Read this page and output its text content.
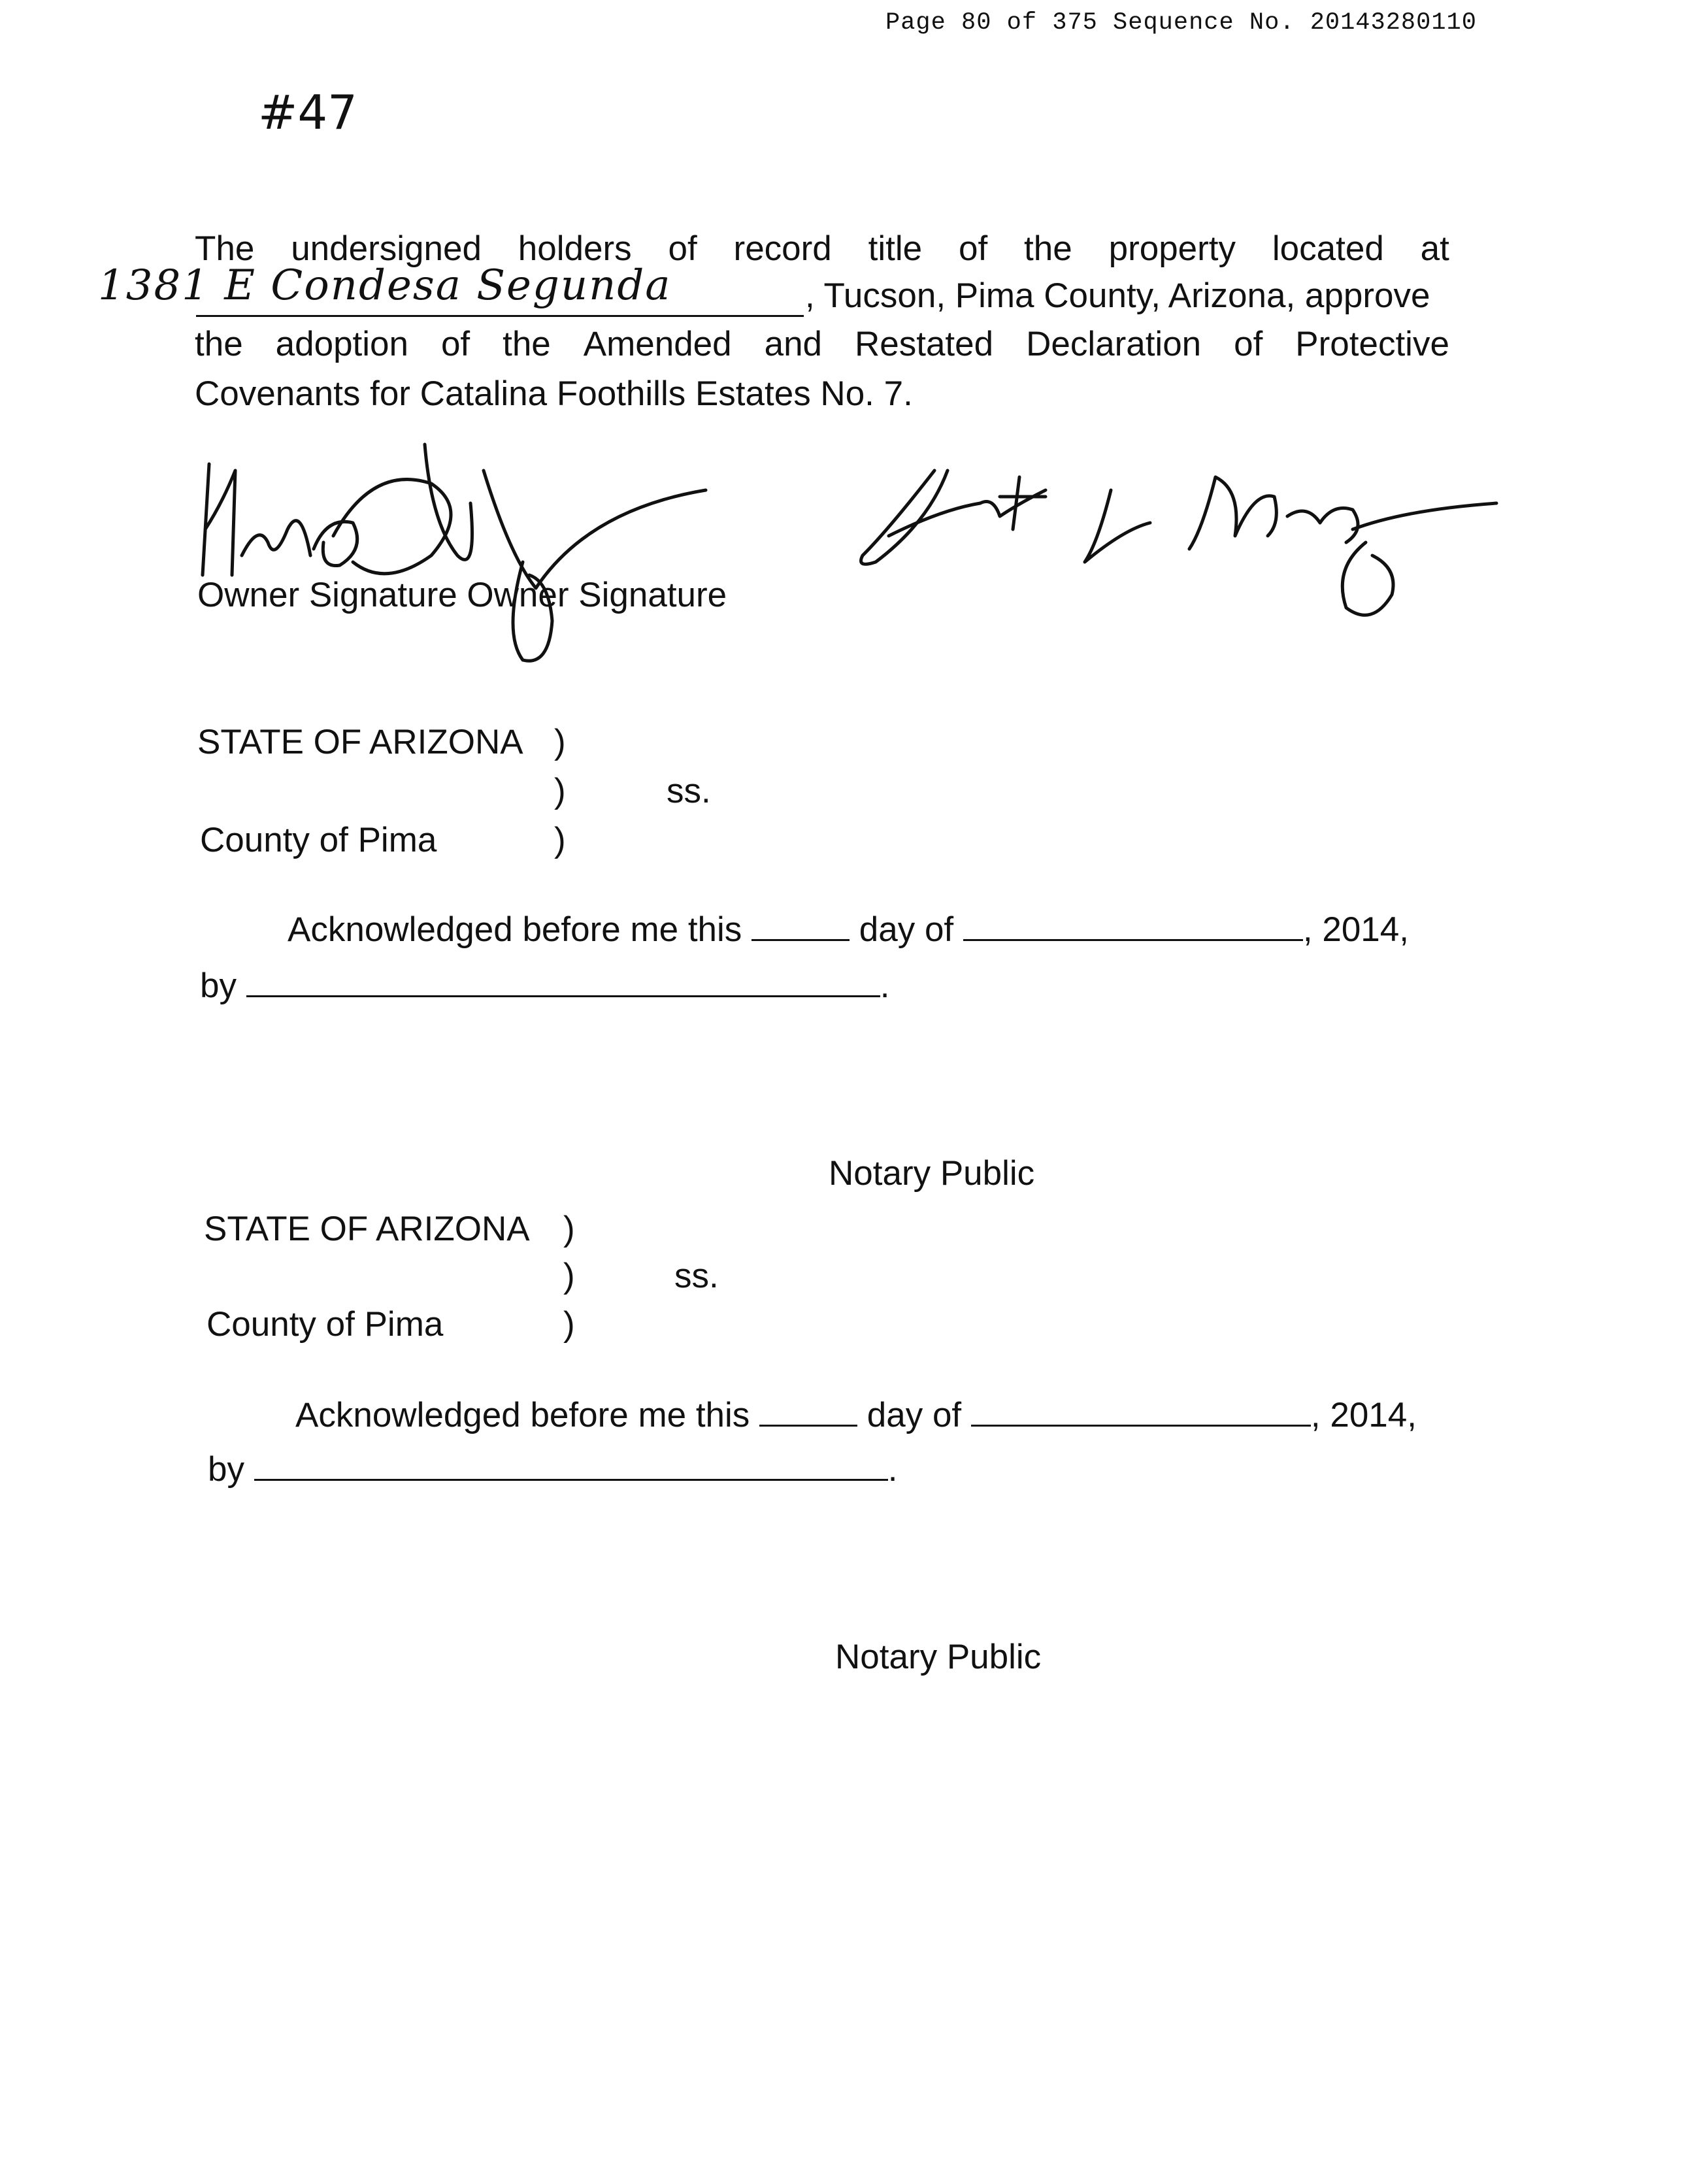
Page 80 of 375 Sequence No. 20143280110
#47
The undersigned holders of record title of the property located at
1381 E Condesa Segunda	, Tucson, Pima County, Arizona, approve
the adoption of the Amended and Restated Declaration of Protective
Covenants for Catalina Foothills Estates No. 7.
Owner Signature Owner Signature
STATE OF ARIZONA )
)	ss.
County of Pima	)
Acknowledged before me this	day of	, 2014,
by	.
Notary Public
STATE OF ARIZONA )
)	ss.
County of Pima	)
Acknowledged before me this	day of	, 2014,
by	.
Notary Public
